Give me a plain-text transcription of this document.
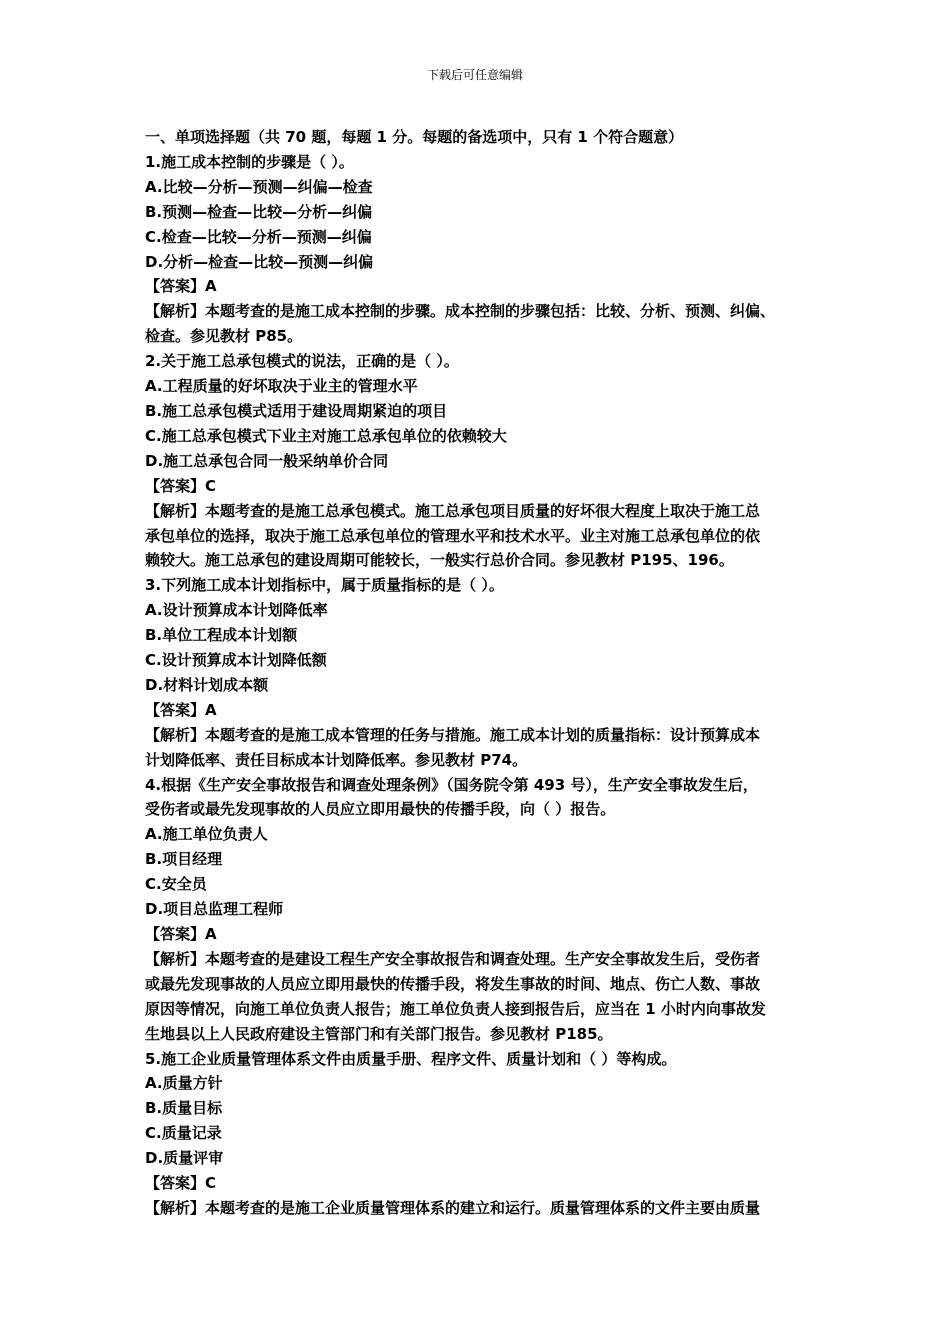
下载后可任意编辑
一、单项选择题（共 70 题，每题 1 分。每题的备选项中，只有 1 个符合题意）
1.施工成本控制的步骤是（ ）。
A.比较—分析—预测—纠偏—检查
B.预测—检查—比较—分析—纠偏
C.检查—比较—分析—预测—纠偏
D.分析—检查—比较—预测—纠偏
【答案】A
【解析】本题考查的是施工成本控制的步骤。成本控制的步骤包括：比较、分析、预测、纠偏、
检查。参见教材 P85。
2.关于施工总承包模式的说法，正确的是（ ）。
A.工程质量的好坏取决于业主的管理水平
B.施工总承包模式适用于建设周期紧迫的项目
C.施工总承包模式下业主对施工总承包单位的依赖较大
D.施工总承包合同一般采纳单价合同
【答案】C
【解析】本题考查的是施工总承包模式。施工总承包项目质量的好坏很大程度上取决于施工总
承包单位的选择，取决于施工总承包单位的管理水平和技术水平。业主对施工总承包单位的依
赖较大。施工总承包的建设周期可能较长，一般实行总价合同。参见教材 P195、196。
3.下列施工成本计划指标中，属于质量指标的是（ ）。
A.设计预算成本计划降低率
B.单位工程成本计划额
C.设计预算成本计划降低额
D.材料计划成本额
【答案】A
【解析】本题考查的是施工成本管理的任务与措施。施工成本计划的质量指标：设计预算成本
计划降低率、责任目标成本计划降低率。参见教材 P74。
4.根据《生产安全事故报告和调查处理条例》（国务院令第 493 号），生产安全事故发生后，
受伤者或最先发现事故的人员应立即用最快的传播手段，向（ ）报告。
A.施工单位负责人
B.项目经理
C.安全员
D.项目总监理工程师
【答案】A
【解析】本题考查的是建设工程生产安全事故报告和调查处理。生产安全事故发生后，受伤者
或最先发现事故的人员应立即用最快的传播手段，将发生事故的时间、地点、伤亡人数、事故
原因等情况，向施工单位负责人报告；施工单位负责人接到报告后，应当在 1 小时内向事故发
生地县以上人民政府建设主管部门和有关部门报告。参见教材 P185。
5.施工企业质量管理体系文件由质量手册、程序文件、质量计划和（ ）等构成。
A.质量方针
B.质量目标
C.质量记录
D.质量评审
【答案】C
【解析】本题考查的是施工企业质量管理体系的建立和运行。质量管理体系的文件主要由质量
